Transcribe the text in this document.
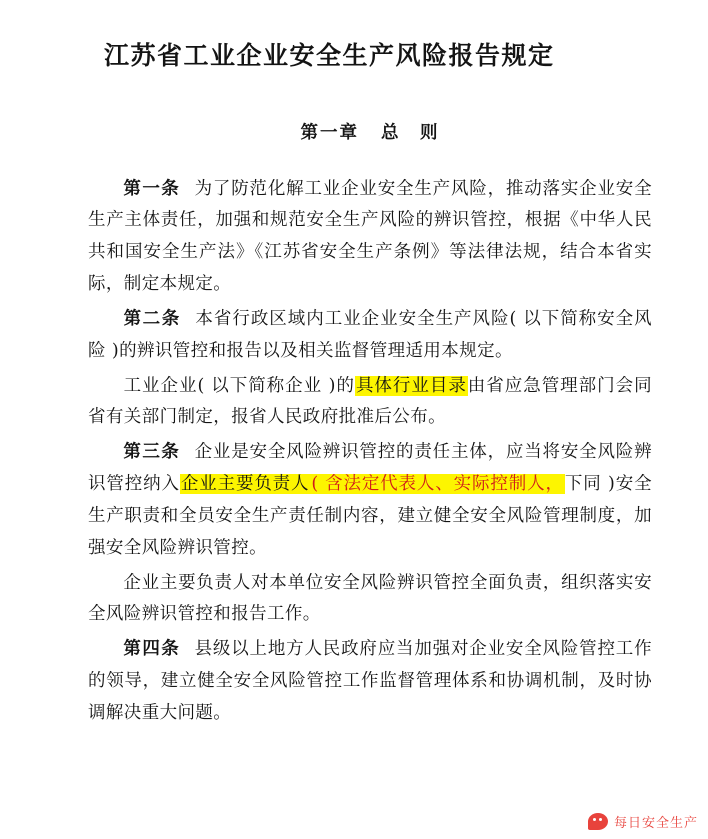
江苏省工业企业安全生产风险报告规定
第一章 总　则

第一条 为了防范化解工业企业安全生产风险，推动落实企业安全生产主体责任，加强和规范安全生产风险的辨识管控，根据《中华人民共和国安全生产法》《江苏省安全生产条例》等法律法规，结合本省实际，制定本规定。

第二条 本省行政区域内工业企业安全生产风险( 以下简称安全风险 )的辨识管控和报告以及相关监督管理适用本规定。

工业企业( 以下简称企业 )的具体行业目录由省应急管理部门会同省有关部门制定，报省人民政府批准后公布。

第三条 企业是安全风险辨识管控的责任主体，应当将安全风险辨识管控纳入企业主要负责人 ( 含法定代表人、实际控制人，下同 )安全生产职责和全员安全生产责任制内容，建立健全安全风险管理制度，加强安全风险辨识管控。

企业主要负责人对本单位安全风险辨识管控全面负责，组织落实安全风险辨识管控和报告工作。

第四条 县级以上地方人民政府应当加强对企业安全风险管控工作的领导，建立健全安全风险管控工作监督管理体系和协调机制，及时协调解决重大问题。

每日安全生产
